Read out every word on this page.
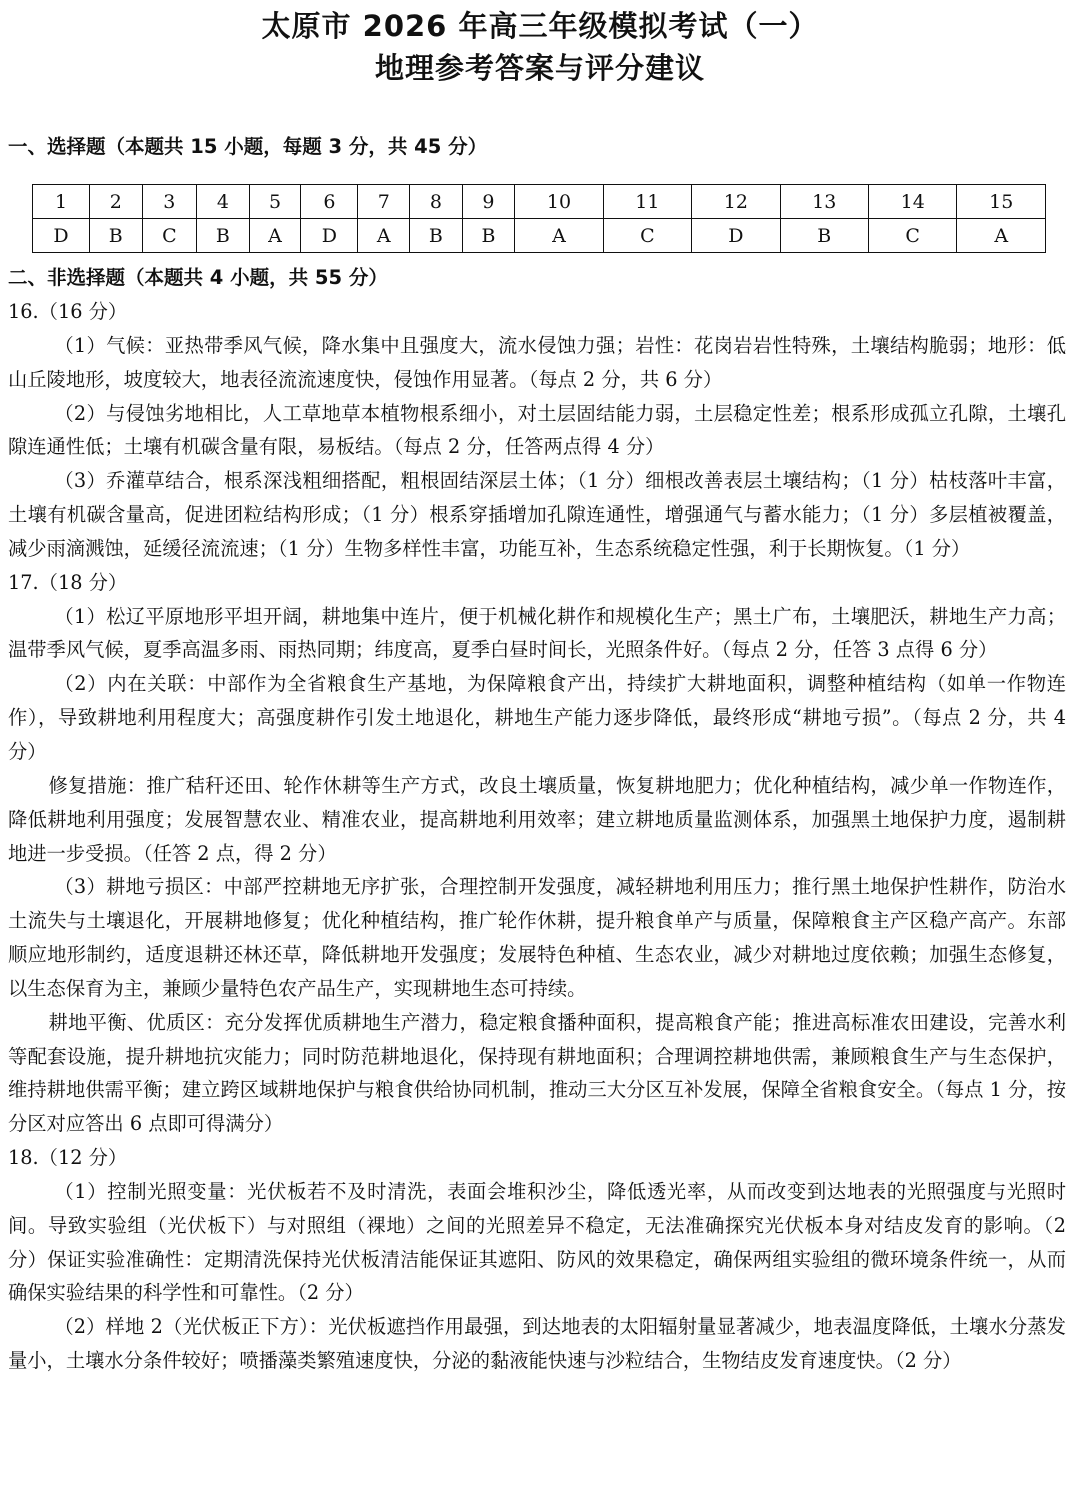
太原市 2026 年高三年级模拟考试（一）
地理参考答案与评分建议
一、选择题（本题共 15 小题，每题 3 分，共 45 分）
1	2	3	4	5	6	7	8	9	10	11	12	13	14	15
D	B	C	B	A	D	A	B	B	A	C	D	B	C	A
二、非选择题（本题共 4 小题，共 55 分）

16.（16 分）

（1）气候：亚热带季风气候，降水集中且强度大，流水侵蚀力强；岩性：花岗岩岩性特殊，土壤结构脆弱；地形：低山丘陵地形，坡度较大，地表径流流速度快，侵蚀作用显著。（每点 2 分，共 6 分）

（2）与侵蚀劣地相比，人工草地草本植物根系细小，对土层固结能力弱，土层稳定性差；根系形成孤立孔隙，土壤孔隙连通性低；土壤有机碳含量有限，易板结。（每点 2 分，任答两点得 4 分）

（3）乔灌草结合，根系深浅粗细搭配，粗根固结深层土体；（1 分）细根改善表层土壤结构；（1 分）枯枝落叶丰富，土壤有机碳含量高，促进团粒结构形成；（1 分）根系穿插增加孔隙连通性，增强通气与蓄水能力；（1 分）多层植被覆盖，减少雨滴溅蚀，延缓径流流速；（1 分）生物多样性丰富，功能互补，生态系统稳定性强，利于长期恢复。（1 分）

17.（18 分）

（1）松辽平原地形平坦开阔，耕地集中连片，便于机械化耕作和规模化生产；黑土广布，土壤肥沃，耕地生产力高；温带季风气候，夏季高温多雨、雨热同期；纬度高，夏季白昼时间长，光照条件好。（每点 2 分，任答 3 点得 6 分）

（2）内在关联：中部作为全省粮食生产基地，为保障粮食产出，持续扩大耕地面积，调整种植结构（如单一作物连作），导致耕地利用程度大；高强度耕作引发土地退化，耕地生产能力逐步降低，最终形成“耕地亏损”。（每点 2 分，共 4 分）

修复措施：推广秸秆还田、轮作休耕等生产方式，改良土壤质量，恢复耕地肥力；优化种植结构，减少单一作物连作，降低耕地利用强度；发展智慧农业、精准农业，提高耕地利用效率；建立耕地质量监测体系，加强黑土地保护力度，遏制耕地进一步受损。（任答 2 点，得 2 分）

（3）耕地亏损区：中部严控耕地无序扩张，合理控制开发强度，减轻耕地利用压力；推行黑土地保护性耕作，防治水土流失与土壤退化，开展耕地修复；优化种植结构，推广轮作休耕，提升粮食单产与质量，保障粮食主产区稳产高产。东部顺应地形制约，适度退耕还林还草，降低耕地开发强度；发展特色种植、生态农业，减少对耕地过度依赖；加强生态修复，以生态保育为主，兼顾少量特色农产品生产，实现耕地生态可持续。

耕地平衡、优质区：充分发挥优质耕地生产潜力，稳定粮食播种面积，提高粮食产能；推进高标准农田建设，完善水利等配套设施，提升耕地抗灾能力；同时防范耕地退化，保持现有耕地面积；合理调控耕地供需，兼顾粮食生产与生态保护，维持耕地供需平衡；建立跨区域耕地保护与粮食供给协同机制，推动三大分区互补发展，保障全省粮食安全。（每点 1 分，按分区对应答出 6 点即可得满分）

18.（12 分）

（1）控制光照变量：光伏板若不及时清洗，表面会堆积沙尘，降低透光率，从而改变到达地表的光照强度与光照时间。导致实验组（光伏板下）与对照组（裸地）之间的光照差异不稳定，无法准确探究光伏板本身对结皮发育的影响。（2 分）保证实验准确性：定期清洗保持光伏板清洁能保证其遮阳、防风的效果稳定，确保两组实验组的微环境条件统一，从而确保实验结果的科学性和可靠性。（2 分）

（2）样地 2（光伏板正下方）：光伏板遮挡作用最强，到达地表的太阳辐射量显著减少，地表温度降低，土壤水分蒸发量小，土壤水分条件较好；喷播藻类繁殖速度快，分泌的黏液能快速与沙粒结合，生物结皮发育速度快。（2 分）
